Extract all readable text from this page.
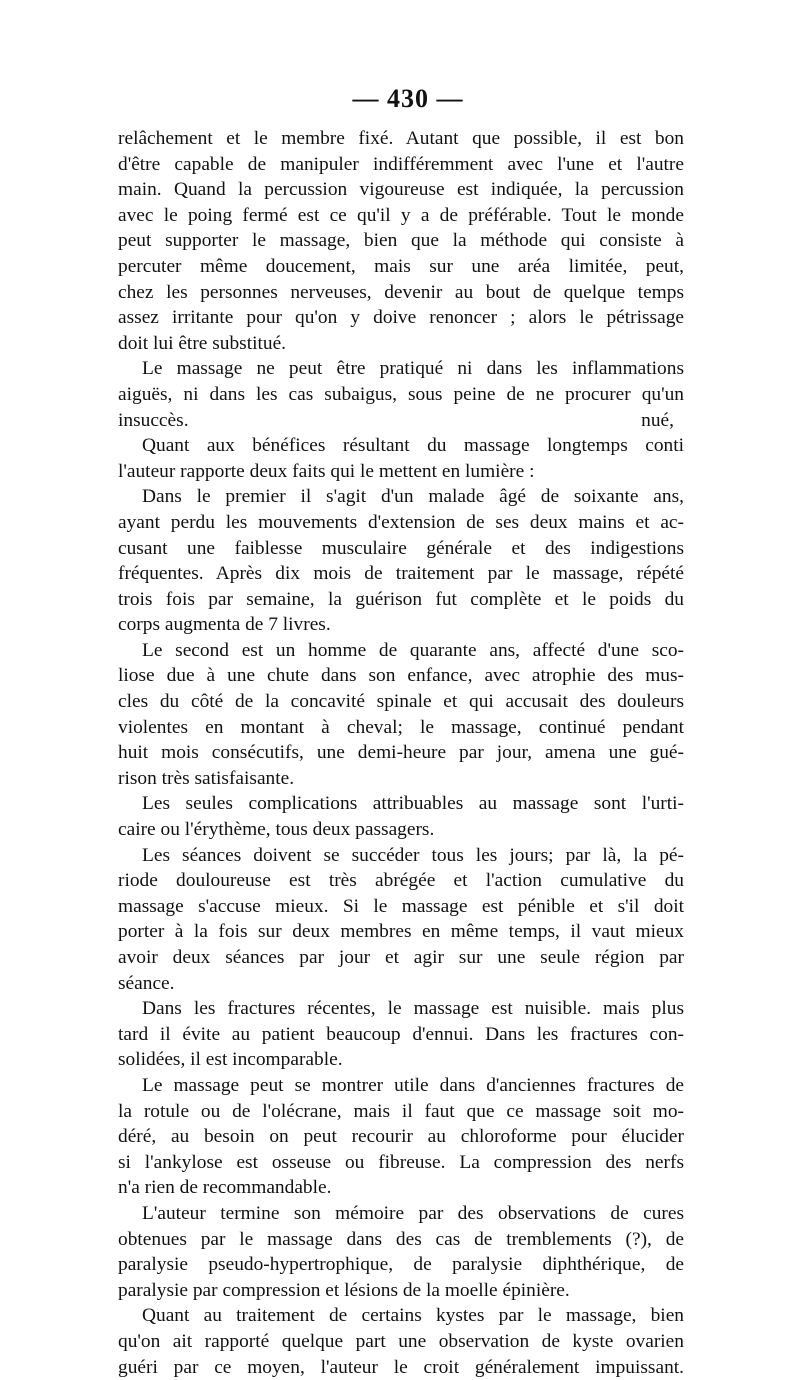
— 430 —
relâchement et le membre fixé. Autant que possible, il est bon
d'être capable de manipuler indifféremment avec l'une et l'autre
main. Quand la percussion vigoureuse est indiquée, la percussion
avec le poing fermé est ce qu'il y a de préférable. Tout le monde
peut supporter le massage, bien que la méthode qui consiste à
percuter même doucement, mais sur une aréa limitée, peut,
chez les personnes nerveuses, devenir au bout de quelque temps
assez irritante pour qu'on y doive renoncer ; alors le pétrissage
doit lui être substitué.
Le massage ne peut être pratiqué ni dans les inflammations
aiguës, ni dans les cas subaigus, sous peine de ne procurer qu'un
insuccès.	nué,
Quant aux bénéfices résultant du massage longtemps conti
l'auteur rapporte deux faits qui le mettent en lumière :
Dans le premier il s'agit d'un malade âgé de soixante ans,
ayant perdu les mouvements d'extension de ses deux mains et ac-
cusant une faiblesse musculaire générale et des indigestions
fréquentes. Après dix mois de traitement par le massage, répété
trois fois par semaine, la guérison fut complète et le poids du
corps augmenta de 7 livres.
Le second est un homme de quarante ans, affecté d'une sco-
liose due à une chute dans son enfance, avec atrophie des mus-
cles du côté de la concavité spinale et qui accusait des douleurs
violentes en montant à cheval; le massage, continué pendant
huit mois consécutifs, une demi-heure par jour, amena une gué-
rison très satisfaisante.
Les seules complications attribuables au massage sont l'urti-
caire ou l'érythème, tous deux passagers.
Les séances doivent se succéder tous les jours; par là, la pé-
riode douloureuse est très abrégée et l'action cumulative du
massage s'accuse mieux. Si le massage est pénible et s'il doit
porter à la fois sur deux membres en même temps, il vaut mieux
avoir deux séances par jour et agir sur une seule région par
séance.
Dans les fractures récentes, le massage est nuisible. mais plus
tard il évite au patient beaucoup d'ennui. Dans les fractures con-
solidées, il est incomparable.
Le massage peut se montrer utile dans d'anciennes fractures de
la rotule ou de l'olécrane, mais il faut que ce massage soit mo-
déré, au besoin on peut recourir au chloroforme pour élucider
si l'ankylose est osseuse ou fibreuse. La compression des nerfs
n'a rien de recommandable.
L'auteur termine son mémoire par des observations de cures
obtenues par le massage dans des cas de tremblements (?), de
paralysie pseudo-hypertrophique, de paralysie diphthérique, de
paralysie par compression et lésions de la moelle épinière.
Quant au traitement de certains kystes par le massage, bien
qu'on ait rapporté quelque part une observation de kyste ovarien
guéri par ce moyen, l'auteur le croit généralement impuissant.
